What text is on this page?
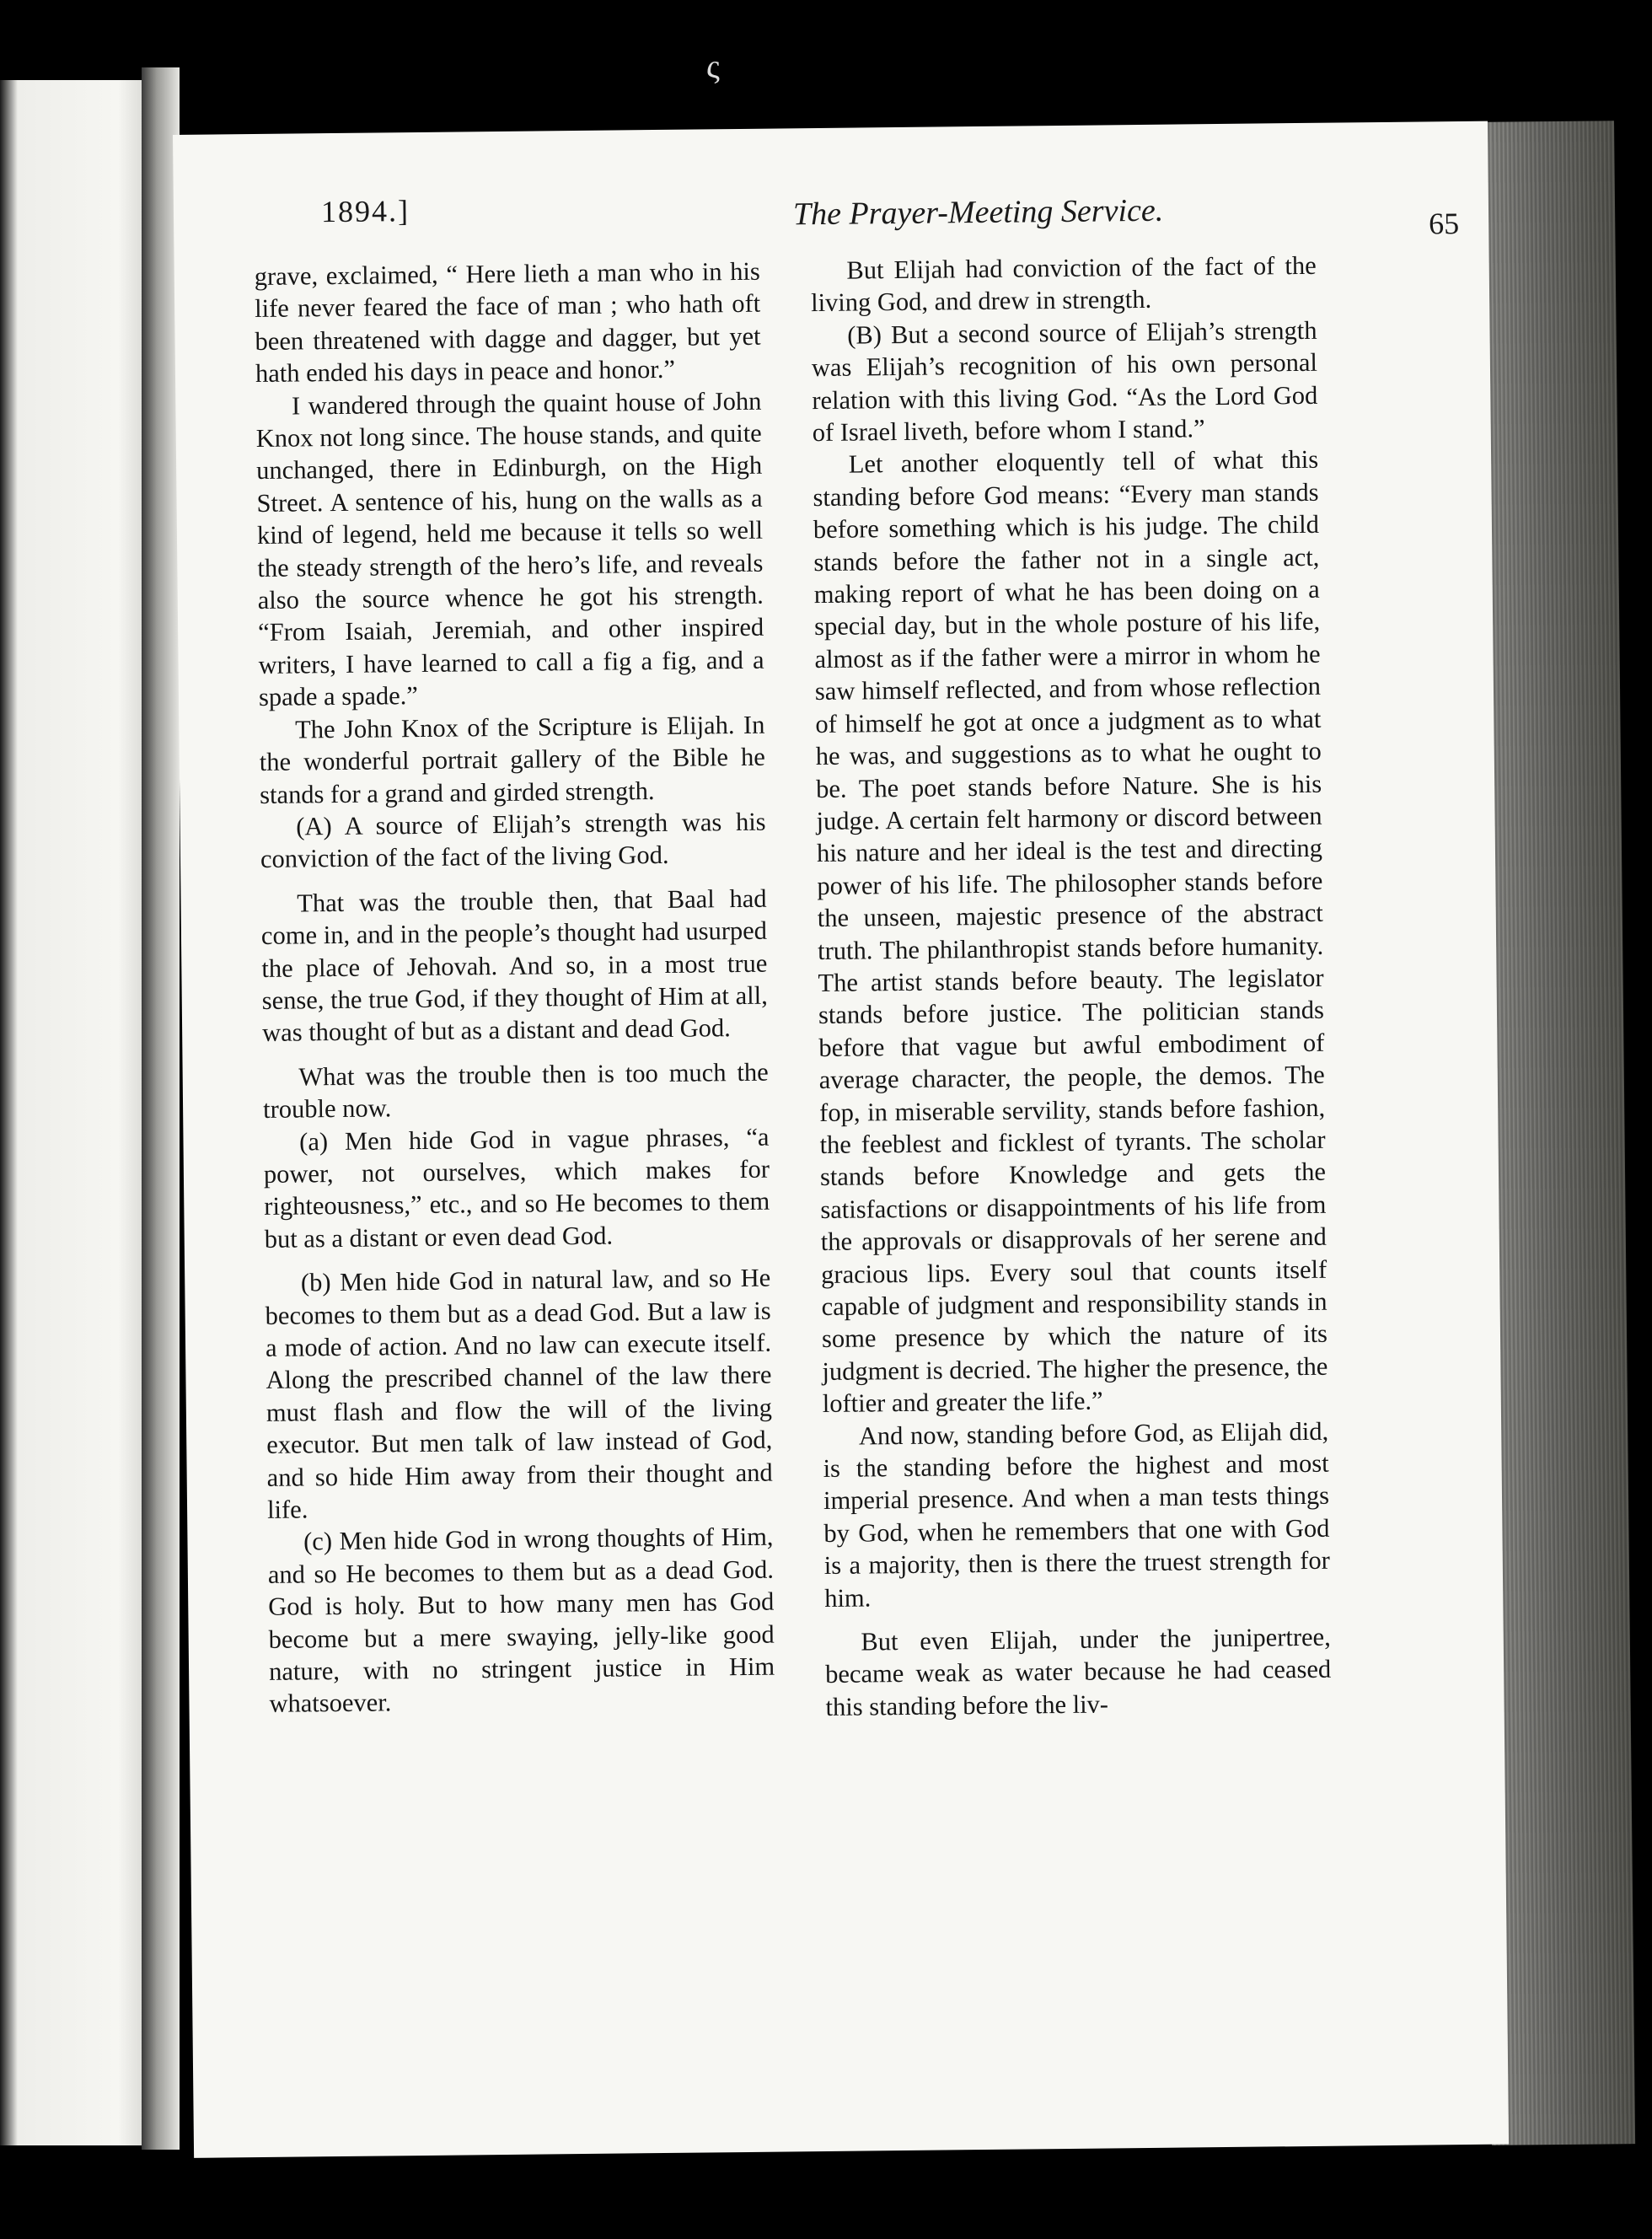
ς
1894.]	The Prayer-Meeting Service.	65

grave, exclaimed, “ Here lieth a man who in his life never feared the face of man ; who hath oft been threatened with dagge and dagger, but yet hath ended his days in peace and honor.”

I wandered through the quaint house of John Knox not long since. The house stands, and quite unchanged, there in Edinburgh, on the High Street. A sentence of his, hung on the walls as a kind of legend, held me because it tells so well the steady strength of the hero’s life, and reveals also the source whence he got his strength. “From Isaiah, Jeremiah, and other inspired writers, I have learned to call a fig a fig, and a spade a spade.”

The John Knox of the Scripture is Elijah. In the wonderful portrait gallery of the Bible he stands for a grand and girded strength.

(A) A source of Elijah’s strength was his conviction of the fact of the living God.

That was the trouble then, that Baal had come in, and in the people’s thought had usurped the place of Jehovah. And so, in a most true sense, the true God, if they thought of Him at all, was thought of but as a distant and dead God.

What was the trouble then is too much the trouble now.

(a) Men hide God in vague phrases, “a power, not ourselves, which makes for righteousness,” etc., and so He becomes to them but as a distant or even dead God.

(b) Men hide God in natural law, and so He becomes to them but as a dead God. But a law is a mode of action. And no law can execute itself. Along the prescribed channel of the law there must flash and flow the will of the living executor. But men talk of law instead of God, and so hide Him away from their thought and life.

(c) Men hide God in wrong thoughts of Him, and so He becomes to them but as a dead God. God is holy. But to how many men has God become but a mere swaying, jelly-like good nature, with no stringent justice in Him whatsoever.

But Elijah had conviction of the fact of the living God, and drew in strength.

(B) But a second source of Elijah’s strength was Elijah’s recognition of his own personal relation with this living God. “As the Lord God of Israel liveth, before whom I stand.”

Let another eloquently tell of what this standing before God means: “Every man stands before something which is his judge. The child stands before the father not in a single act, making report of what he has been doing on a special day, but in the whole posture of his life, almost as if the father were a mirror in whom he saw himself reflected, and from whose reflection of himself he got at once a judgment as to what he was, and suggestions as to what he ought to be. The poet stands before Nature. She is his judge. A certain felt harmony or discord between his nature and her ideal is the test and directing power of his life. The philosopher stands before the unseen, majestic presence of the abstract truth. The philanthropist stands before humanity. The artist stands before beauty. The legislator stands before justice. The politician stands before that vague but awful embodiment of average character, the people, the demos. The fop, in miserable servility, stands before fashion, the feeblest and ficklest of tyrants. The scholar stands before Knowledge and gets the satisfactions or disappointments of his life from the approvals or disapprovals of her serene and gracious lips. Every soul that counts itself capable of judgment and responsibility stands in some presence by which the nature of its judgment is decried. The higher the presence, the loftier and greater the life.”

And now, standing before God, as Elijah did, is the standing before the highest and most imperial presence. And when a man tests things by God, when he remembers that one with God is a majority, then is there the truest strength for him.

But even Elijah, under the junipertree, became weak as water because he had ceased this standing before the liv-
